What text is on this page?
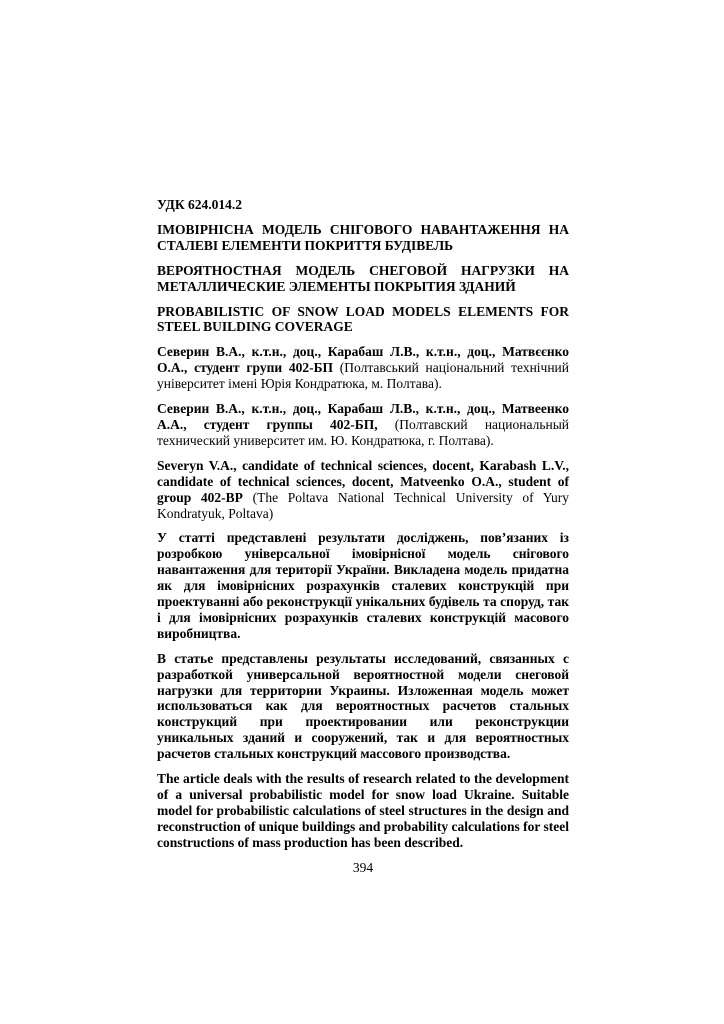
УДК 624.014.2

ІМОВІРНІСНА МОДЕЛЬ СНІГОВОГО НАВАНТАЖЕННЯ НА СТАЛЕВІ ЕЛЕМЕНТИ ПОКРИТТЯ БУДІВЕЛЬ

ВЕРОЯТНОСТНАЯ МОДЕЛЬ СНЕГОВОЙ НАГРУЗКИ НА МЕТАЛЛИЧЕСКИЕ ЭЛЕМЕНТЫ ПОКРЫТИЯ ЗДАНИЙ

PROBABILISTIC OF SNOW LOAD MODELS ELEMENTS FOR STEEL BUILDING COVERAGE

Северин В.А., к.т.н., доц., Карабаш Л.В., к.т.н., доц., Матвєєнко О.А., студент групи 402-БП (Полтавський національний технічний університет імені Юрія Кондратюка, м. Полтава).

Северин В.А., к.т.н., доц., Карабаш Л.В., к.т.н., доц., Матвеенко А.А., студент группы 402-БП, (Полтавский национальный технический университет им. Ю. Кондратюка, г. Полтава).

Severyn V.A., candidate of technical sciences, docent, Karabash L.V., candidate of technical sciences, docent, Matveenko O.A., student of group 402-BP (The Poltava National Technical University of Yury Kondratyuk, Poltava)

У статті представлені результати досліджень, пов’язаних із розробкою універсальної імовірнісної модель снігового навантаження для території України. Викладена модель придатна як для імовірнісних розрахунків сталевих конструкцій при проектуванні або реконструкції унікальних будівель та споруд, так і для імовірнісних розрахунків сталевих конструкцій масового виробництва.

В статье представлены результаты исследований, связанных с разработкой универсальной вероятностной модели снеговой нагрузки для территории Украины. Изложенная модель может использоваться как для вероятностных расчетов стальных конструкций при проектировании или реконструкции уникальных зданий и сооружений, так и для вероятностных расчетов стальных конструкций массового производства.

The article deals with the results of research related to the development of a universal probabilistic model for snow load Ukraine. Suitable model for probabilistic calculations of steel structures in the design and reconstruction of unique buildings and probability calculations for steel constructions of mass production has been described.

394
